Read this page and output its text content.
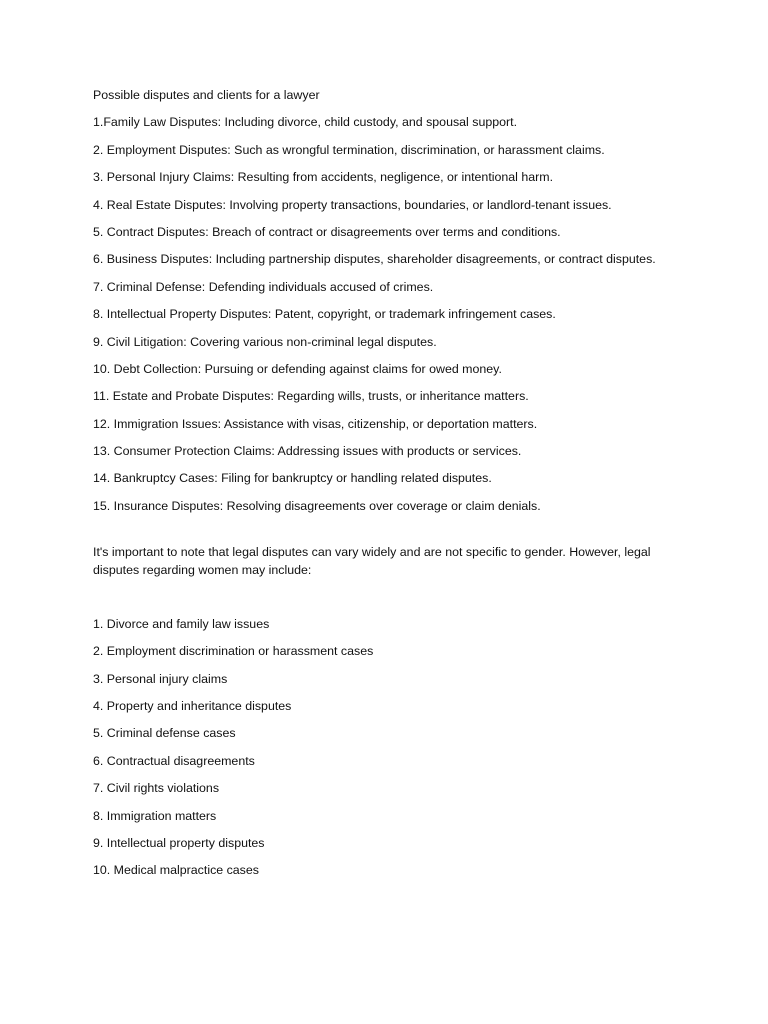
Possible disputes and clients for a lawyer
1.Family Law Disputes: Including divorce, child custody, and spousal support.
2. Employment Disputes: Such as wrongful termination, discrimination, or harassment claims.
3. Personal Injury Claims: Resulting from accidents, negligence, or intentional harm.
4. Real Estate Disputes: Involving property transactions, boundaries, or landlord-tenant issues.
5. Contract Disputes: Breach of contract or disagreements over terms and conditions.
6. Business Disputes: Including partnership disputes, shareholder disagreements, or contract disputes.
7. Criminal Defense: Defending individuals accused of crimes.
8. Intellectual Property Disputes: Patent, copyright, or trademark infringement cases.
9. Civil Litigation: Covering various non-criminal legal disputes.
10. Debt Collection: Pursuing or defending against claims for owed money.
11. Estate and Probate Disputes: Regarding wills, trusts, or inheritance matters.
12. Immigration Issues: Assistance with visas, citizenship, or deportation matters.
13. Consumer Protection Claims: Addressing issues with products or services.
14. Bankruptcy Cases: Filing for bankruptcy or handling related disputes.
15. Insurance Disputes: Resolving disagreements over coverage or claim denials.
It's important to note that legal disputes can vary widely and are not specific to gender. However, legal disputes regarding women may include:
1. Divorce and family law issues
2. Employment discrimination or harassment cases
3. Personal injury claims
4. Property and inheritance disputes
5. Criminal defense cases
6. Contractual disagreements
7. Civil rights violations
8. Immigration matters
9. Intellectual property disputes
10. Medical malpractice cases
